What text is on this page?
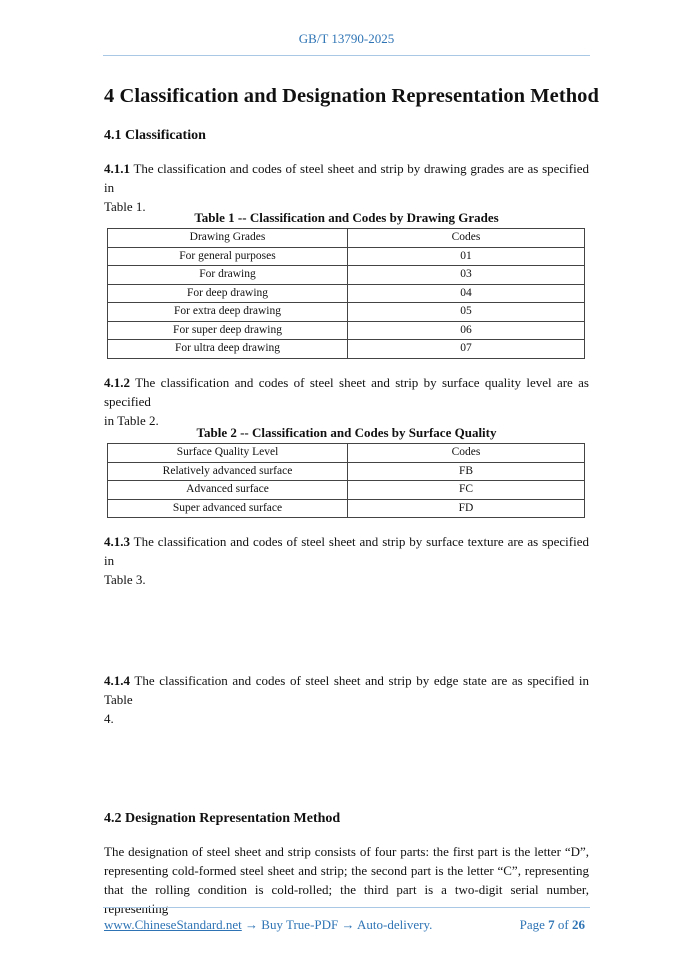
GB/T 13790-2025
4 Classification and Designation Representation Method
4.1 Classification
4.1.1 The classification and codes of steel sheet and strip by drawing grades are as specified in
Table 1.
Table 1 -- Classification and Codes by Drawing Grades
Drawing Grades	Codes
For general purposes	01
For drawing	03
For deep drawing	04
For extra deep drawing	05
For super deep drawing	06
For ultra deep drawing	07
4.1.2 The classification and codes of steel sheet and strip by surface quality level are as specified
in Table 2.
Table 2 -- Classification and Codes by Surface Quality
Surface Quality Level	Codes
Relatively advanced surface	FB
Advanced surface	FC
Super advanced surface	FD
4.1.3 The classification and codes of steel sheet and strip by surface texture are as specified in
Table 3.
4.1.4 The classification and codes of steel sheet and strip by edge state are as specified in Table
4.
4.2 Designation Representation Method
The designation of steel sheet and strip consists of four parts: the first part is the letter “D”,
representing cold-formed steel sheet and strip; the second part is the letter “C”, representing
that the rolling condition is cold-rolled; the third part is a two-digit serial number, representing
www.ChineseStandard.net → Buy True-PDF → Auto-delivery.	Page 7 of 26
